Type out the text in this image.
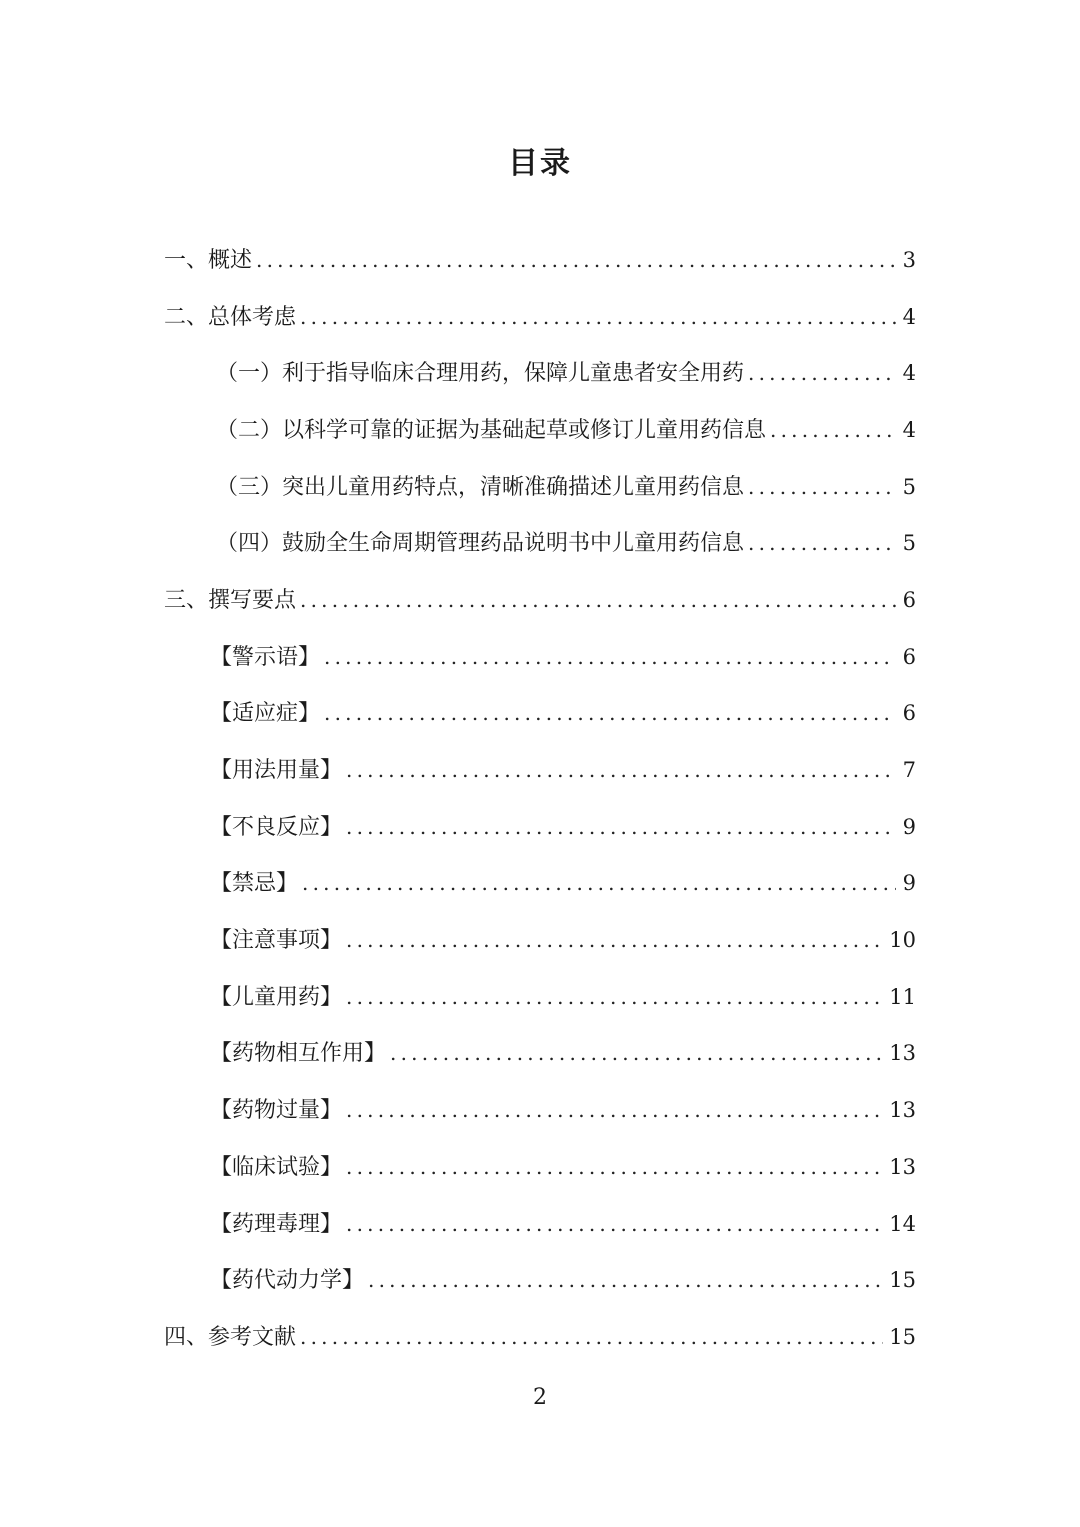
目录
一、概述 .....	3
二、总体考虑 .....	4
（一）利于指导临床合理用药，保障儿童患者安全用药 .....	4
（二）以科学可靠的证据为基础起草或修订儿童用药信息 .....	4
（三）突出儿童用药特点，清晰准确描述儿童用药信息 .....	5
（四）鼓励全生命周期管理药品说明书中儿童用药信息 .....	5
三、撰写要点 .....	6
【警示语】 .....	6
【适应症】 .....	6
【用法用量】 .....	7
【不良反应】 .....	9
【禁忌】 .....	9
【注意事项】 .....	10
【儿童用药】 .....	11
【药物相互作用】 .....	13
【药物过量】 .....	13
【临床试验】 .....	13
【药理毒理】 .....	14
【药代动力学】 .....	15
四、参考文献 .....	15
2
